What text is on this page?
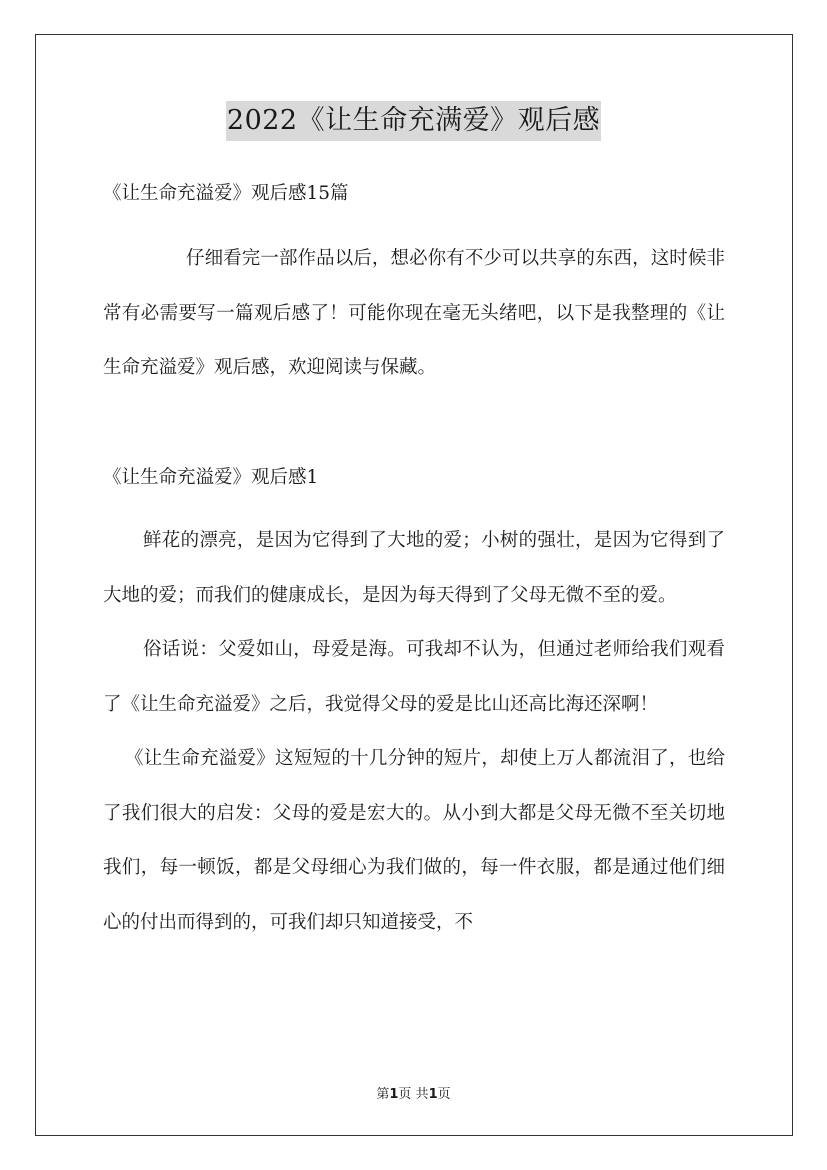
2022《让生命充满爱》观后感

《让生命充溢爱》观后感15篇

仔细看完一部作品以后，想必你有不少可以共享的东西，这时候非常有必需要写一篇观后感了！可能你现在毫无头绪吧，以下是我整理的《让生命充溢爱》观后感，欢迎阅读与保藏。

《让生命充溢爱》观后感1

鲜花的漂亮，是因为它得到了大地的爱；小树的强壮，是因为它得到了大地的爱；而我们的健康成长，是因为每天得到了父母无微不至的爱。

俗话说：父爱如山，母爱是海。可我却不认为，但通过老师给我们观看了《让生命充溢爱》之后，我觉得父母的爱是比山还高比海还深啊！

《让生命充溢爱》这短短的十几分钟的短片，却使上万人都流泪了，也给了我们很大的启发：父母的爱是宏大的。从小到大都是父母无微不至关切地我们，每一顿饭，都是父母细心为我们做的，每一件衣服，都是通过他们细心的付出而得到的，可我们却只知道接受，不

第1页 共1页
